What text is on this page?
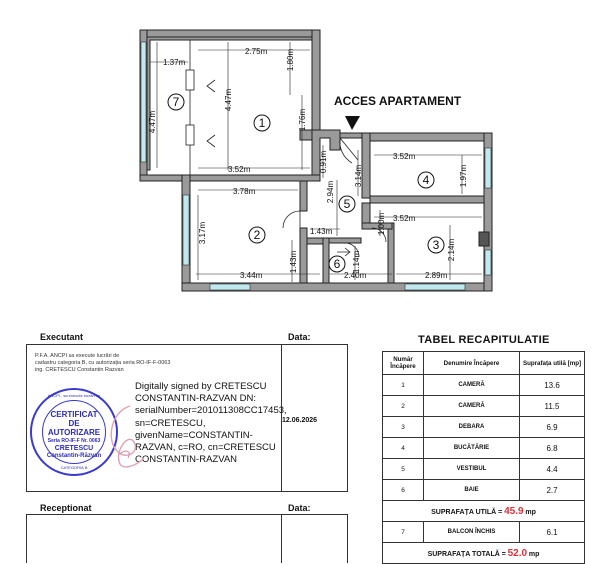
2.75m 1.80m
1.37m
4.47m
4.47m
1.76m
3.52m	0.91m
3.78m	2.94m
3.14m
3.52m
1.97m
3.52m
3.17m	1.43m	1.00m
1.43m	1.14m
2.14m
3.44m	2.40m	2.89m
7
1
2
3
4
5
6
ACCES APARTAMENT
Executant	Data:
P.F.A. ANCPI sa execute lucrări de
cadastru categoria B, cu autorizația seria RO-IF-F-0063
ing. CRETESCU Constantin Razvan
Digitally signed by CRETESCU CONSTANTIN-RAZVAN DN: serialNumber=201011308CC17453, sn=CRETESCU, givenName=CONSTANTIN-RAZVAN, c=RO, cn=CRETESCU CONSTANTIN-RAZVAN
12.06.2026
CERTIFICAT
DE
AUTORIZARE
Seria RO-IF-F Nr. 0063
CRETESCU
Constantin-Răzvan
ANCPI . sa execute lucrări de
CATEGORIA B
Receptionat	Data:
TABEL RECAPITULATIE
Număr Încăpere	Denumire Încăpere	Suprafața utilă [mp]
1	CAMERĂ	13.6
2	CAMERĂ	11.5
3	DEBARA	6.9
4	BUCĂTĂRIE	6.8
5	VESTIBUL	4.4
6	BAIE	2.7
SUPRAFAȚA UTILĂ = 45.9 mp		
7	BALCON ÎNCHIS	6.1
SUPRAFAȚA TOTALĂ = 52.0 mp		
